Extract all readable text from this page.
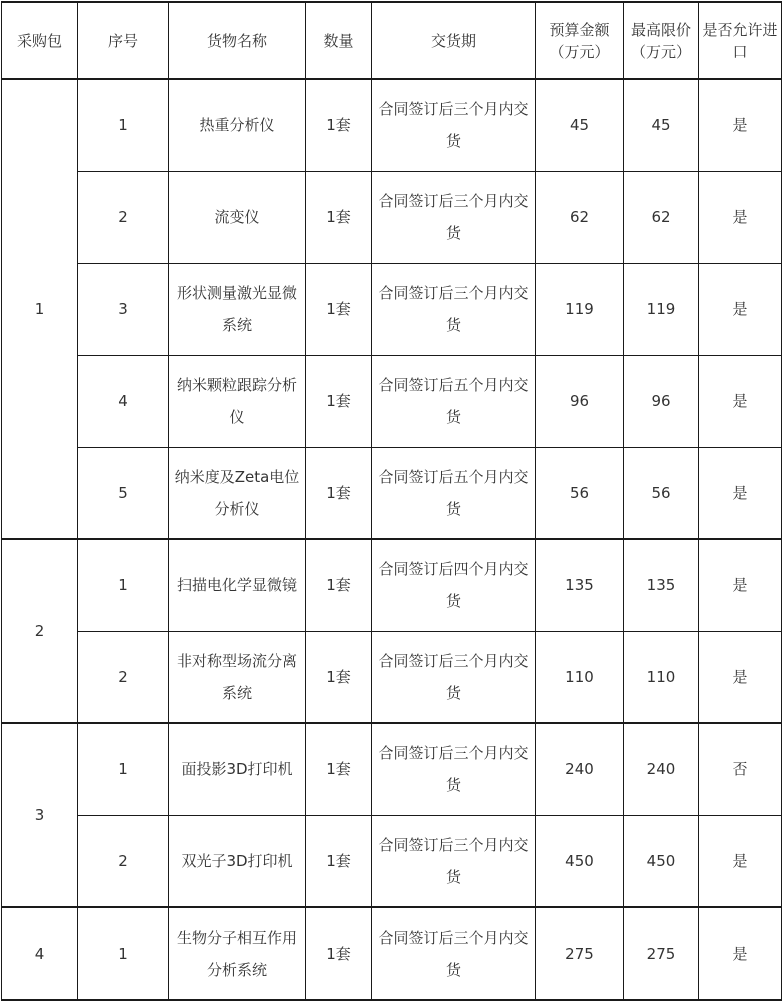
采购包	序号	货物名称	数量	交货期	预算金额（万元）	最高限价（万元）	是否允许进口
1	1	热重分析仪	1套	合同签订后三个月内交货	45	45	是
	2	流变仪	1套	合同签订后三个月内交货	62	62	是
	3	形状测量激光显微系统	1套	合同签订后三个月内交货	119	119	是
	4	纳米颗粒跟踪分析仪	1套	合同签订后五个月内交货	96	96	是
	5	纳米度及Zeta电位分析仪	1套	合同签订后五个月内交货	56	56	是
2	1	扫描电化学显微镜	1套	合同签订后四个月内交货	135	135	是
	2	非对称型场流分离系统	1套	合同签订后三个月内交货	110	110	是
3	1	面投影3D打印机	1套	合同签订后三个月内交货	240	240	否
	2	双光子3D打印机	1套	合同签订后三个月内交货	450	450	是
4	1	生物分子相互作用分析系统	1套	合同签订后三个月内交货	275	275	是
